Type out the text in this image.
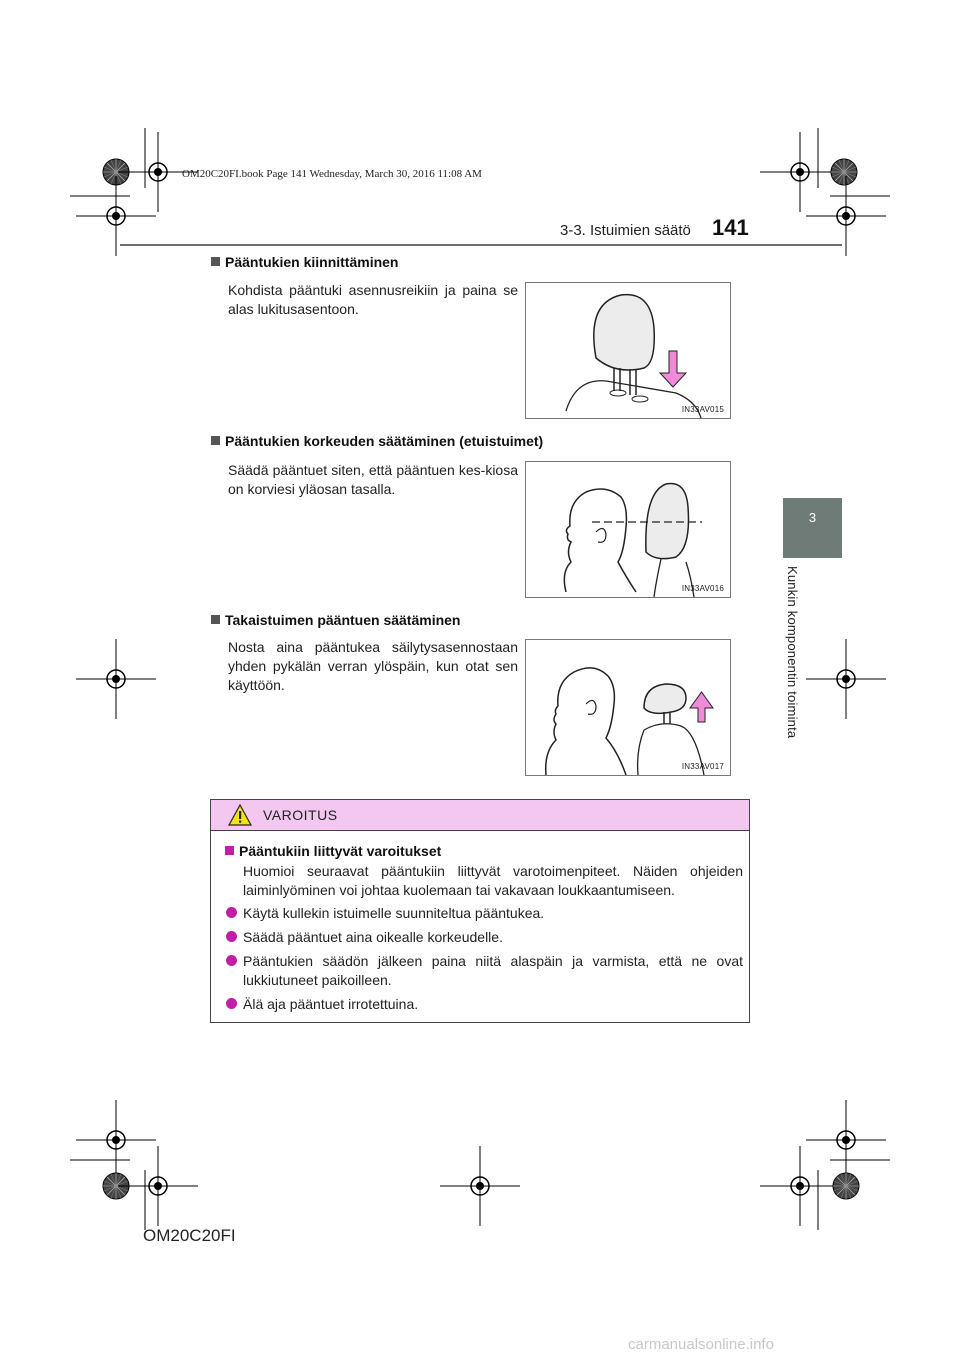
OM20C20FI.book Page 141 Wednesday, March 30, 2016 11:08 AM
3-3. Istuimien säätö 141
3
Kunkin komponentin toiminta
Pääntukien kiinnittäminen
Kohdista pääntuki asennusreikiin ja paina se alas lukitusasentoon.
IN33AV015
Pääntukien korkeuden säätäminen (etuistuimet)
Säädä pääntuet siten, että pääntuen kes-kiosa on korviesi yläosan tasalla.
IN33AV016
Takaistuimen pääntuen säätäminen
Nosta aina pääntukea säilytysasennostaan yhden pykälän verran ylöspäin, kun otat sen käyttöön.
IN33AV017
VAROITUS
Pääntukiin liittyvät varoitukset
Huomioi seuraavat pääntukiin liittyvät varotoimenpiteet. Näiden ohjeiden laiminlyöminen voi johtaa kuolemaan tai vakavaan loukkaantumiseen.
Käytä kullekin istuimelle suunniteltua pääntukea.
Säädä pääntuet aina oikealle korkeudelle.
Pääntukien säädön jälkeen paina niitä alaspäin ja varmista, että ne ovat lukkiutuneet paikoilleen.
Älä aja pääntuet irrotettuina.
OM20C20FI
carmanualsonline.info
